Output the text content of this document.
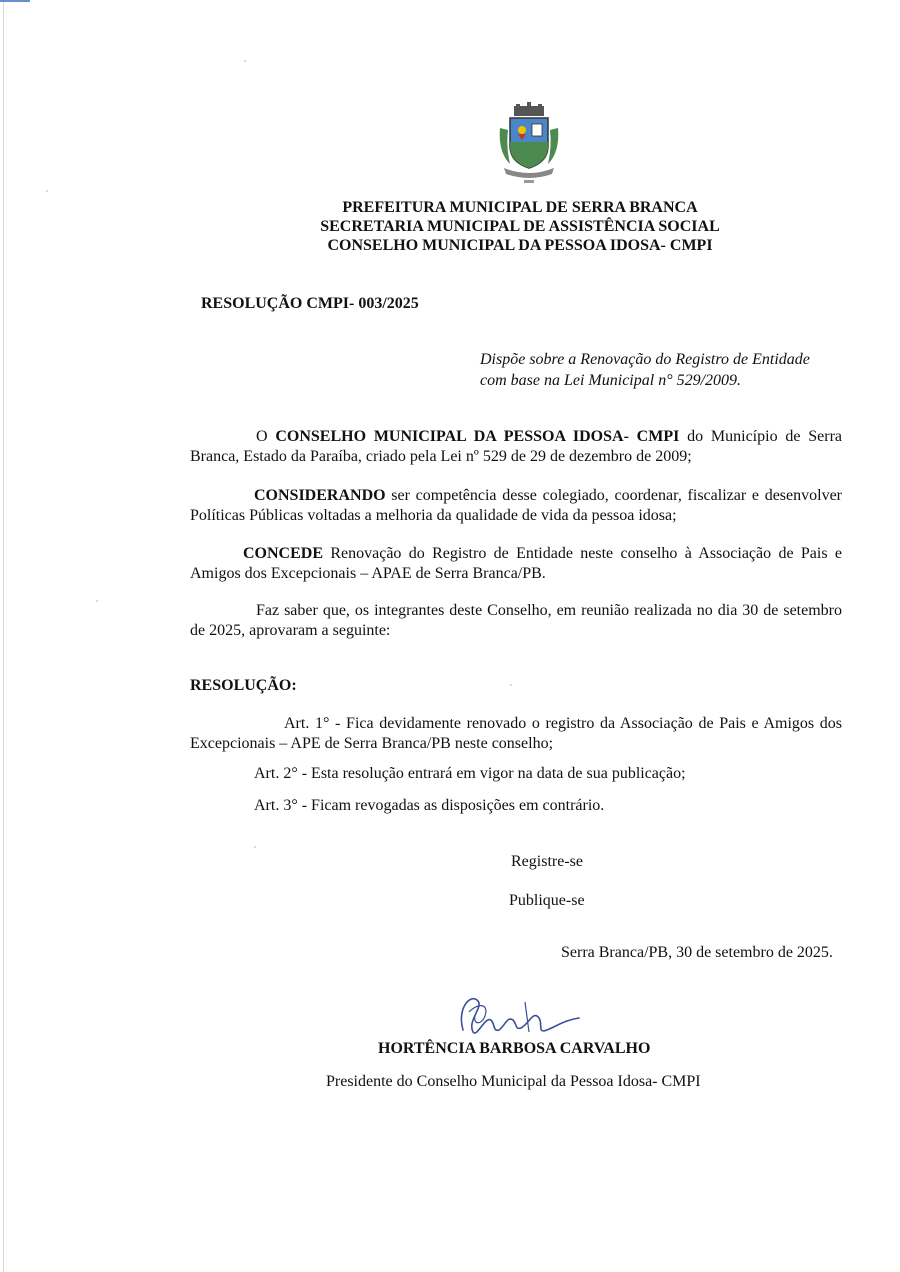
PREFEITURA MUNICIPAL DE SERRA BRANCA
SECRETARIA MUNICIPAL DE ASSISTÊNCIA SOCIAL
CONSELHO MUNICIPAL DA PESSOA IDOSA- CMPI
RESOLUÇÃO CMPI- 003/2025
Dispõe sobre a Renovação do Registro de Entidade
com base na Lei Municipal n° 529/2009.
O CONSELHO MUNICIPAL DA PESSOA IDOSA- CMPI do Município de Serra Branca, Estado da Paraíba, criado pela Lei nº 529 de 29 de dezembro de 2009;
CONSIDERANDO ser competência desse colegiado, coordenar, fiscalizar e desenvolver Políticas Públicas voltadas a melhoria da qualidade de vida da pessoa idosa;
CONCEDE Renovação do Registro de Entidade neste conselho à Associação de Pais e Amigos dos Excepcionais – APAE de Serra Branca/PB.
Faz saber que, os integrantes deste Conselho, em reunião realizada no dia 30 de setembro de 2025, aprovaram a seguinte:
RESOLUÇÃO:
Art. 1° - Fica devidamente renovado o registro da Associação de Pais e Amigos dos Excepcionais – APE de Serra Branca/PB neste conselho;
Art. 2° - Esta resolução entrará em vigor na data de sua publicação;
Art. 3° - Ficam revogadas as disposições em contrário.
Registre-se
Publique-se
Serra Branca/PB, 30 de setembro de 2025.
HORTÊNCIA BARBOSA CARVALHO
Presidente do Conselho Municipal da Pessoa Idosa- CMPI
